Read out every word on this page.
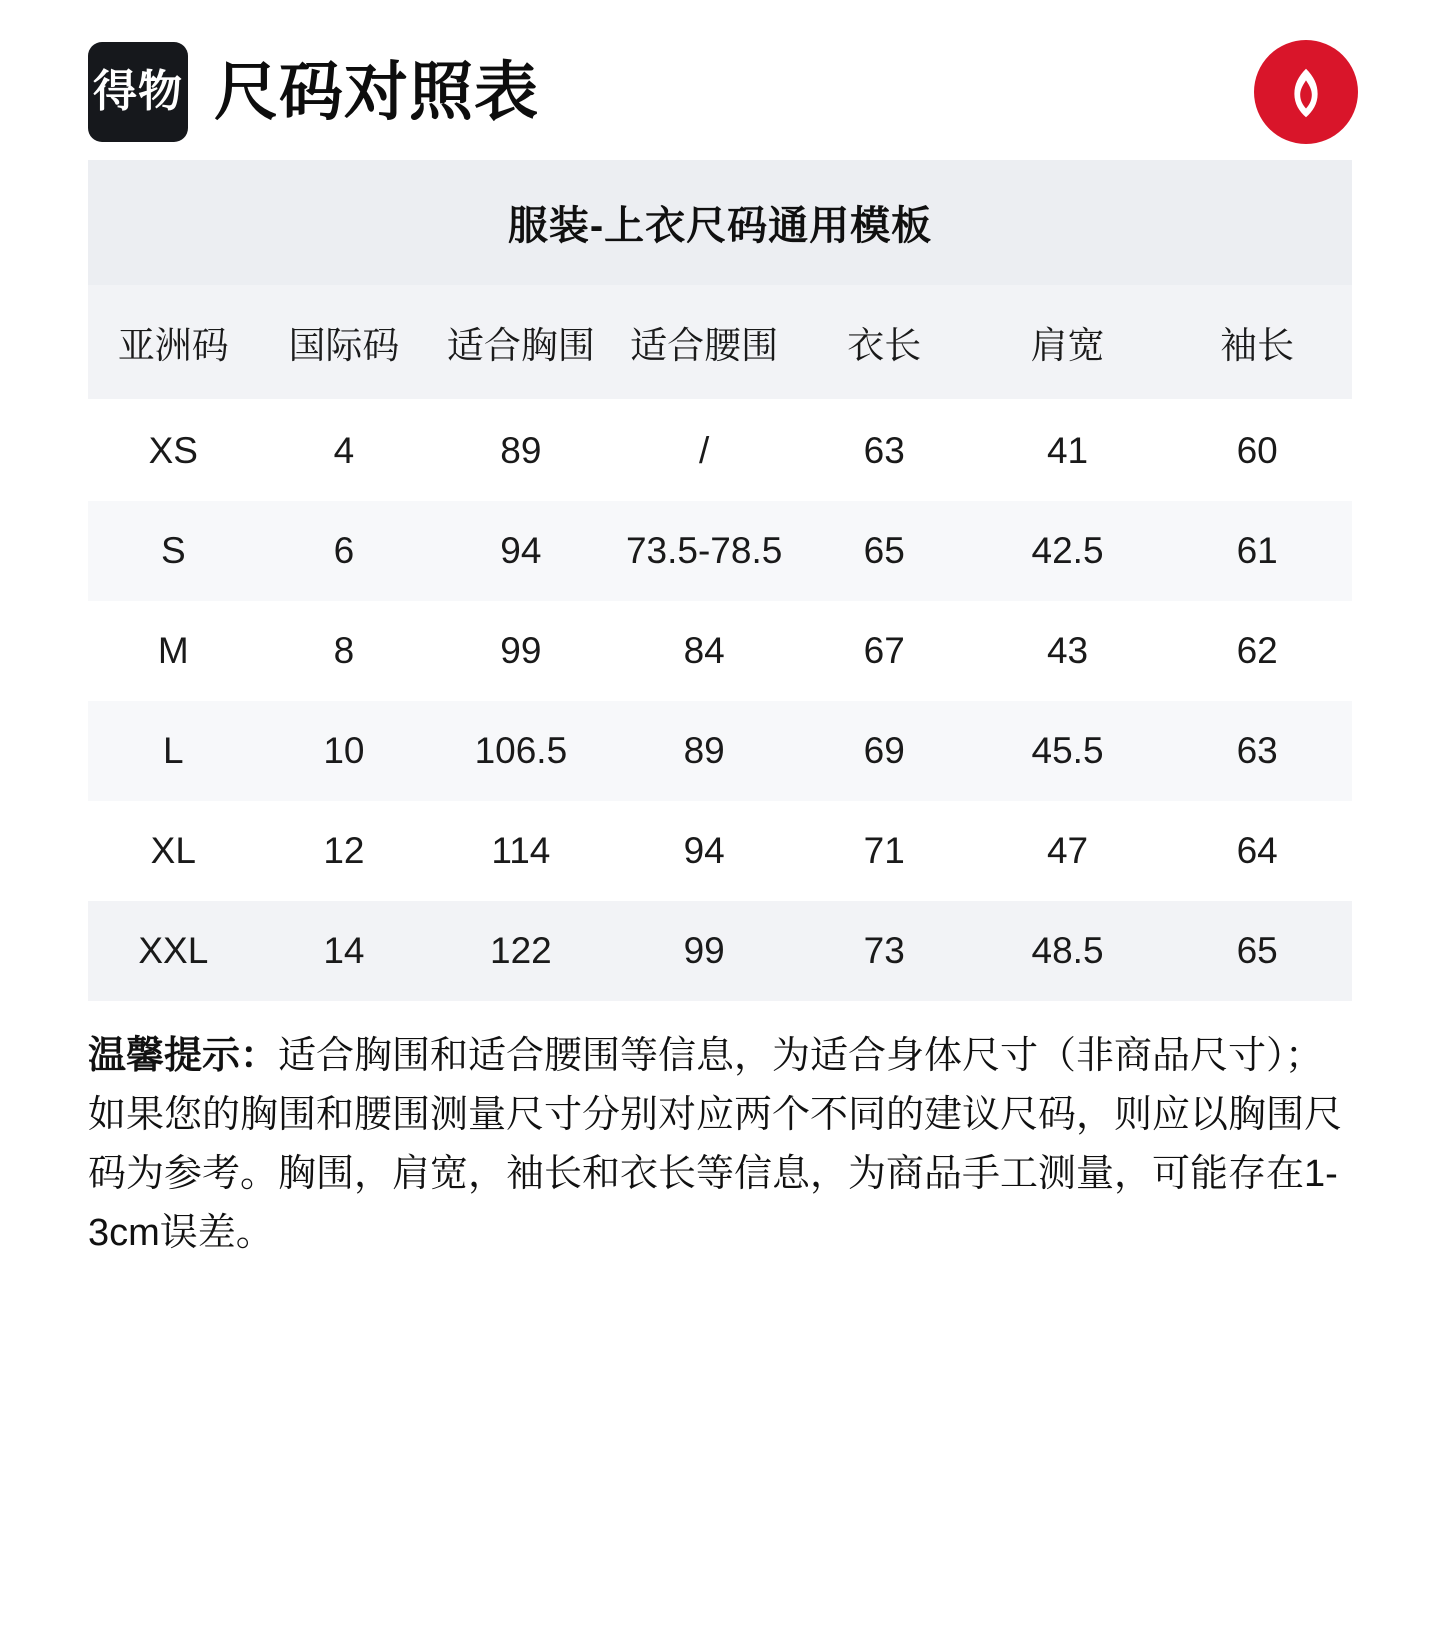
得物 尺码对照表
服装-上衣尺码通用模板
亚洲码	国际码	适合胸围	适合腰围	衣长	肩宽	袖长
XS	4	89	/	63	41	60
S	6	94	73.5-78.5	65	42.5	61
M	8	99	84	67	43	62
L	10	106.5	89	69	45.5	63
XL	12	114	94	71	47	64
XXL	14	122	99	73	48.5	65
温馨提示：适合胸围和适合腰围等信息，为适合身体尺寸（非商品尺寸）；如果您的胸围和腰围测量尺寸分别对应两个不同的建议尺码，则应以胸围尺码为参考。胸围，肩宽，袖长和衣长等信息，为商品手工测量，可能存在1-3cm误差。
